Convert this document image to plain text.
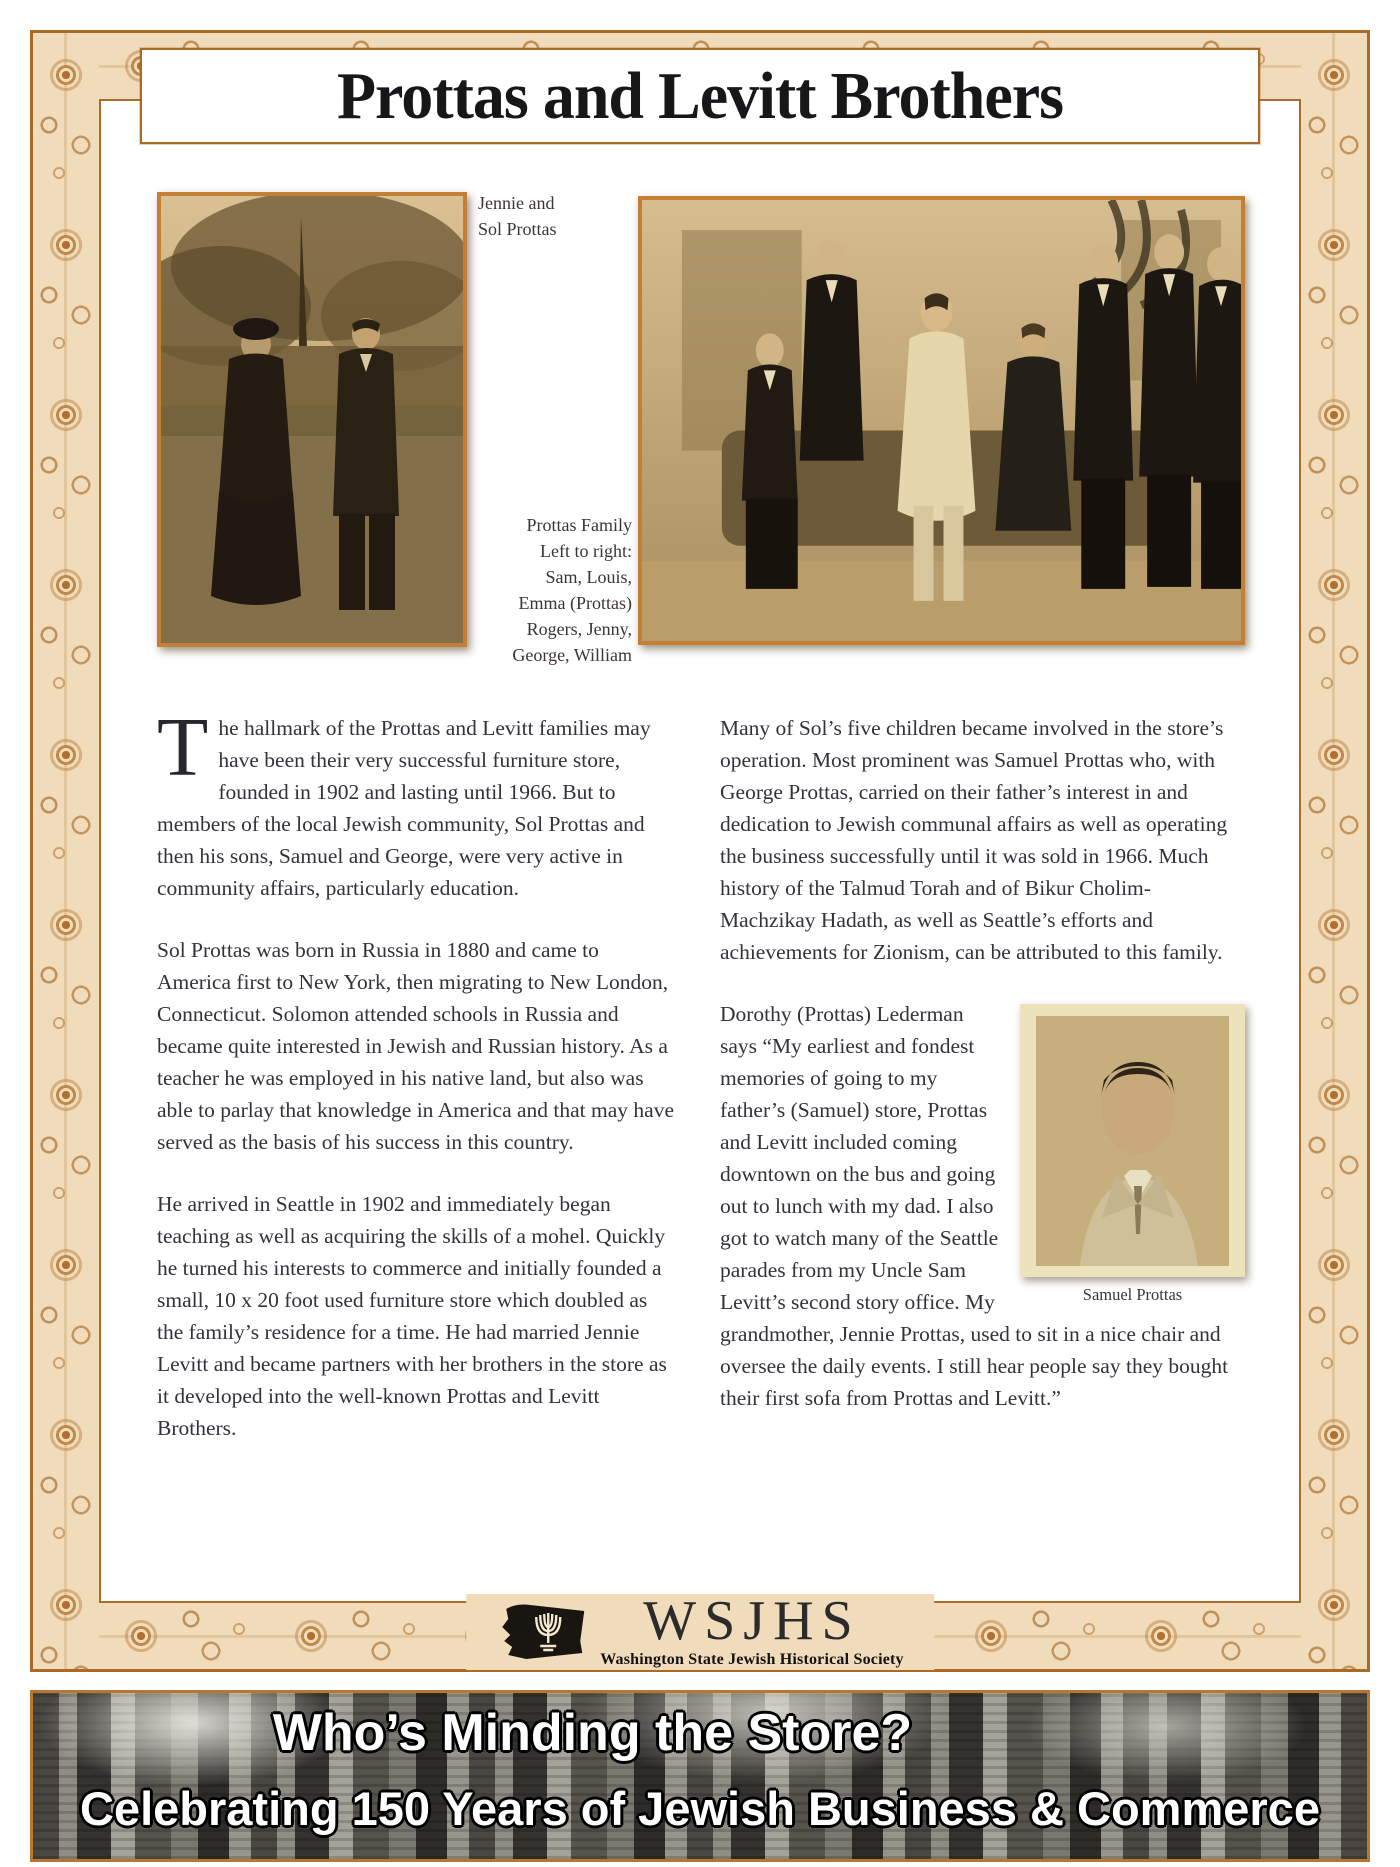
Prottas and Levitt Brothers
Jennie and
Sol Prottas
Prottas Family
Left to right:
Sam, Louis,
Emma (Prottas)
Rogers, Jenny,
George, William

The hallmark of the Prottas and Levitt families may have been their very successful furniture store, founded in 1902 and lasting until 1966. But to members of the local Jewish community, Sol Prottas and then his sons, Samuel and George, were very active in community affairs, particularly education.

Sol Prottas was born in Russia in 1880 and came to America first to New York, then migrating to New London, Connecticut. Solomon attended schools in Russia and became quite interested in Jewish and Russian history. As a teacher he was employed in his native land, but also was able to parlay that knowledge in America and that may have served as the basis of his success in this country.

He arrived in Seattle in 1902 and immediately began teaching as well as acquiring the skills of a mohel. Quickly he turned his interests to commerce and initially founded a small, 10 x 20 foot used furniture store which doubled as the family’s residence for a time. He had married Jennie Levitt and became partners with her brothers in the store as it developed into the well-known Prottas and Levitt Brothers.

Many of Sol’s five children became involved in the store’s operation. Most prominent was Samuel Prottas who, with George Prottas, carried on their father’s interest in and dedication to Jewish communal affairs as well as operating the business successfully until it was sold in 1966. Much history of the Talmud Torah and of Bikur Cholim-Machzikay Hadath, as well as Seattle’s efforts and achievements for Zionism, can be attributed to this family.

Samuel Prottas

Dorothy (Prottas) Lederman says “My earliest and fondest memories of going to my father’s (Samuel) store, Prottas and Levitt included coming downtown on the bus and going out to lunch with my dad. I also got to watch many of the Seattle parades from my Uncle Sam Levitt’s second story office. My grandmother, Jennie Prottas, used to sit in a nice chair and oversee the daily events. I still hear people say they bought their first sofa from Prottas and Levitt.”

WSJHS
Washington State Jewish Historical Society
Who’s Minding the Store?
Celebrating 150 Years of Jewish Business & Commerce
